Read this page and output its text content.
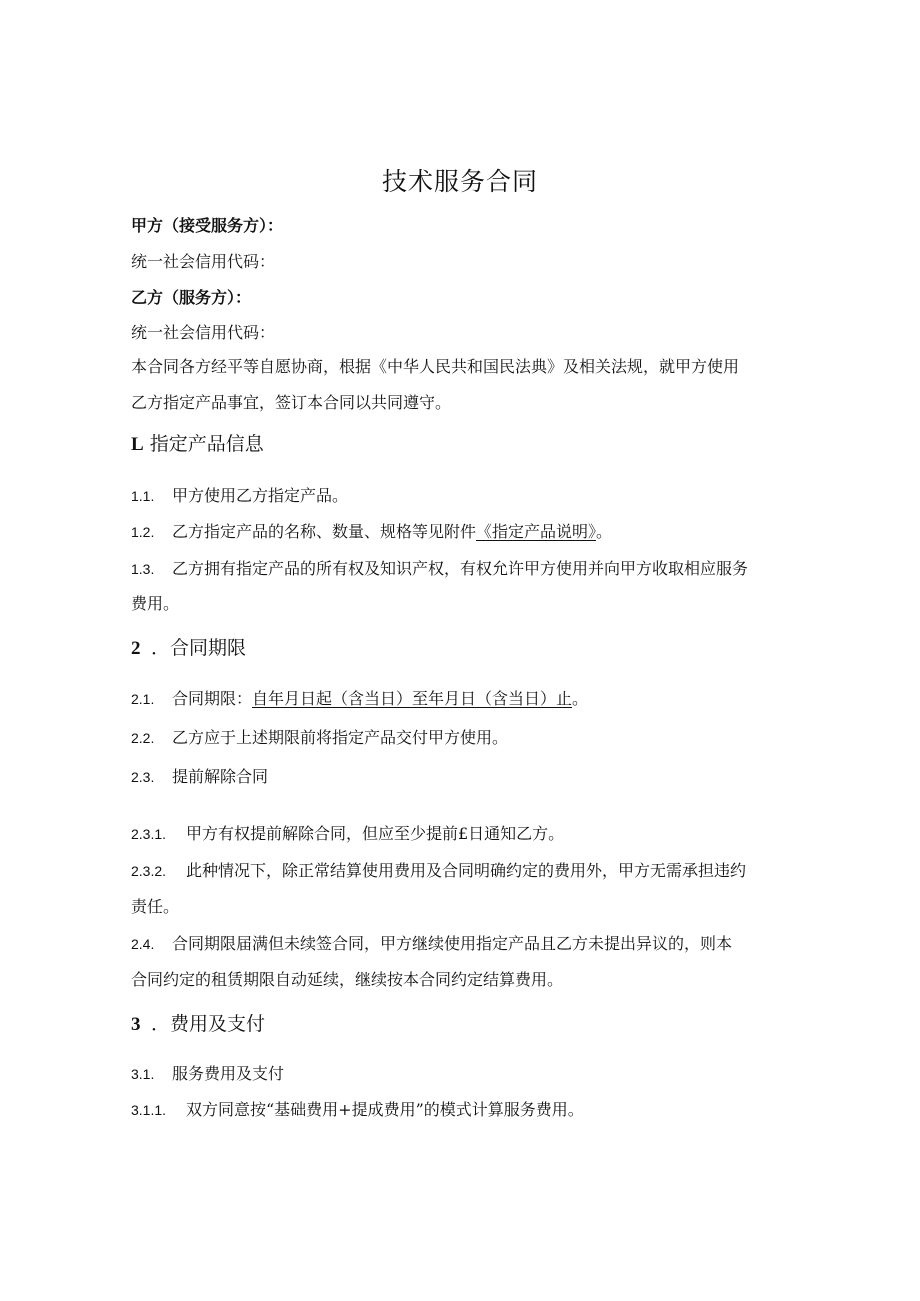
技术服务合同
甲方（接受服务方）：
统一社会信用代码：
乙方（服务方）：
统一社会信用代码：
本合同各方经平等自愿协商，根据《中华人民共和国民法典》及相关法规，就甲方使用
乙方指定产品事宜，签订本合同以共同遵守。
L 指定产品信息
1.1. 甲方使用乙方指定产品。
1.2. 乙方指定产品的名称、数量、规格等见附件《指定产品说明》。
1.3. 乙方拥有指定产品的所有权及知识产权，有权允许甲方使用并向甲方收取相应服务
费用。
2 ．合同期限
2.1. 合同期限：自年月日起（含当日）至年月日（含当日）止。
2.2. 乙方应于上述期限前将指定产品交付甲方使用。
2.3. 提前解除合同
2.3.1. 甲方有权提前解除合同，但应至少提前£日通知乙方。
2.3.2. 此种情况下，除正常结算使用费用及合同明确约定的费用外，甲方无需承担违约
责任。
2.4. 合同期限届满但未续签合同，甲方继续使用指定产品且乙方未提出异议的，则本
合同约定的租赁期限自动延续，继续按本合同约定结算费用。
3 ．费用及支付
3.1. 服务费用及支付
3.1.1. 双方同意按“基础费用+提成费用”的模式计算服务费用。
